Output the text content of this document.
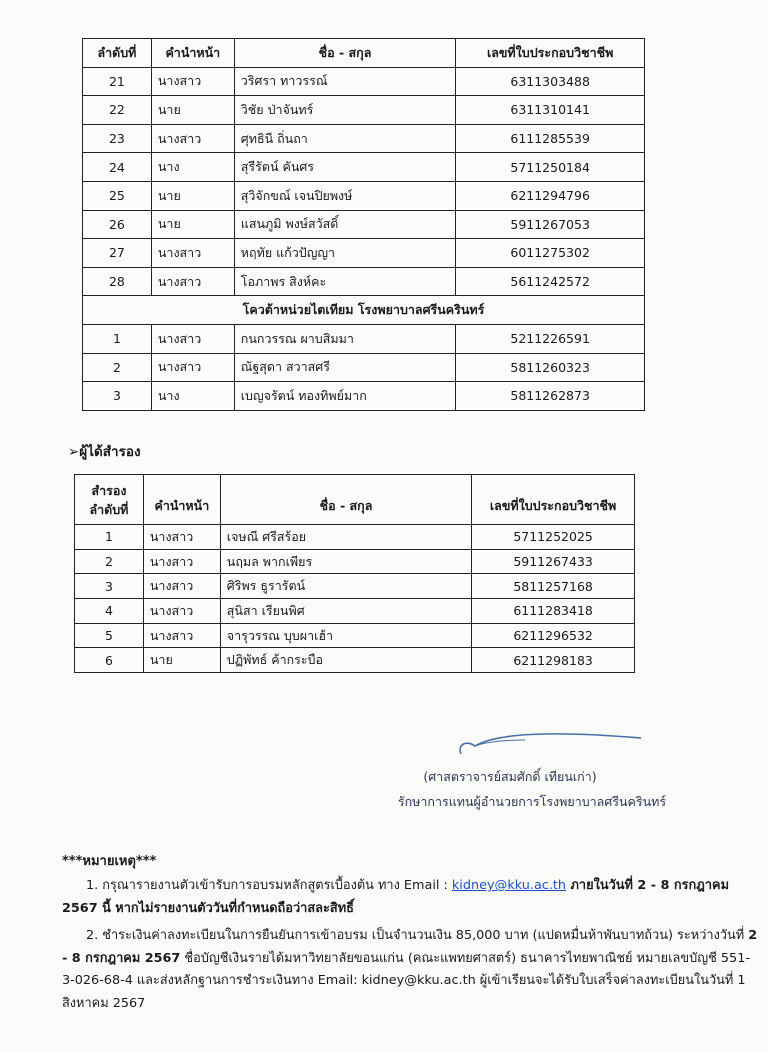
ลำดับที่	คำนำหน้า	ชื่อ - สกุล	เลขที่ใบประกอบวิชาชีพ
21	นางสาว	วริศรา ทาวรรณ์	6311303488
22	นาย	วิชัย ป่าจันทร์	6311310141
23	นางสาว	ศุทธินี ถิ่นถา	6111285539
24	นาง	สุรีรัตน์ คันศร	5711250184
25	นาย	สุวิจักขณ์ เจนปิยพงษ์	6211294796
26	นาย	แสนภูมิ พงษ์สวัสดิ์	5911267053
27	นางสาว	หฤทัย แก้วปัญญา	6011275302
28	นางสาว	โอภาพร สิงห์คะ	5611242572
โควต้าหน่วยไตเทียม โรงพยาบาลศรีนครินทร์			
1	นางสาว	กนกวรรณ ผาบสิมมา	5211226591
2	นางสาว	ณัฐสุดา สวาสศรี	5811260323
3	นาง	เบญจรัตน์ ทองทิพย์มาก	5811262873
➢ผู้ได้สำรอง
สำรอง
ลำดับที่	คำนำหน้า	ชื่อ - สกุล	เลขที่ใบประกอบวิชาชีพ
1	นางสาว	เจษณี ศรีสร้อย	5711252025
2	นางสาว	นฤมล พากเพียร	5911267433
3	นางสาว	ศิริพร ธูรารัตน์	5811257168
4	นางสาว	สุนิสา เรียนพิศ	6111283418
5	นางสาว	จารุวรรณ บุบผาเฮ้า	6211296532
6	นาย	ปฏิพัทธ์ ค้ากระบือ	6211298183
(ศาสตราจารย์สมศักดิ์ เทียนเก่า)
รักษาการแทนผู้อำนวยการโรงพยาบาลศรีนครินทร์
***หมายเหตุ***
1. กรุณารายงานตัวเข้ารับการอบรมหลักสูตรเบื้องต้น ทาง Email : kidney@kku.ac.th ภายในวันที่ 2 - 8 กรกฎาคม 2567 นี้ หากไม่รายงานตัววันที่กำหนดถือว่าสละสิทธิ์
2. ชำระเงินค่าลงทะเบียนในการยืนยันการเข้าอบรม เป็นจำนวนเงิน 85,000 บาท (แปดหมื่นห้าพันบาทถ้วน) ระหว่างวันที่ 2 - 8 กรกฎาคม 2567 ชื่อบัญชีเงินรายได้มหาวิทยาลัยขอนแก่น (คณะแพทยศาสตร์) ธนาคารไทยพาณิชย์ หมายเลขบัญชี 551-3-026-68-4 และส่งหลักฐานการชำระเงินทาง Email: kidney@kku.ac.th ผู้เข้าเรียนจะได้รับใบเสร็จค่าลงทะเบียนในวันที่ 1 สิงหาคม 2567
